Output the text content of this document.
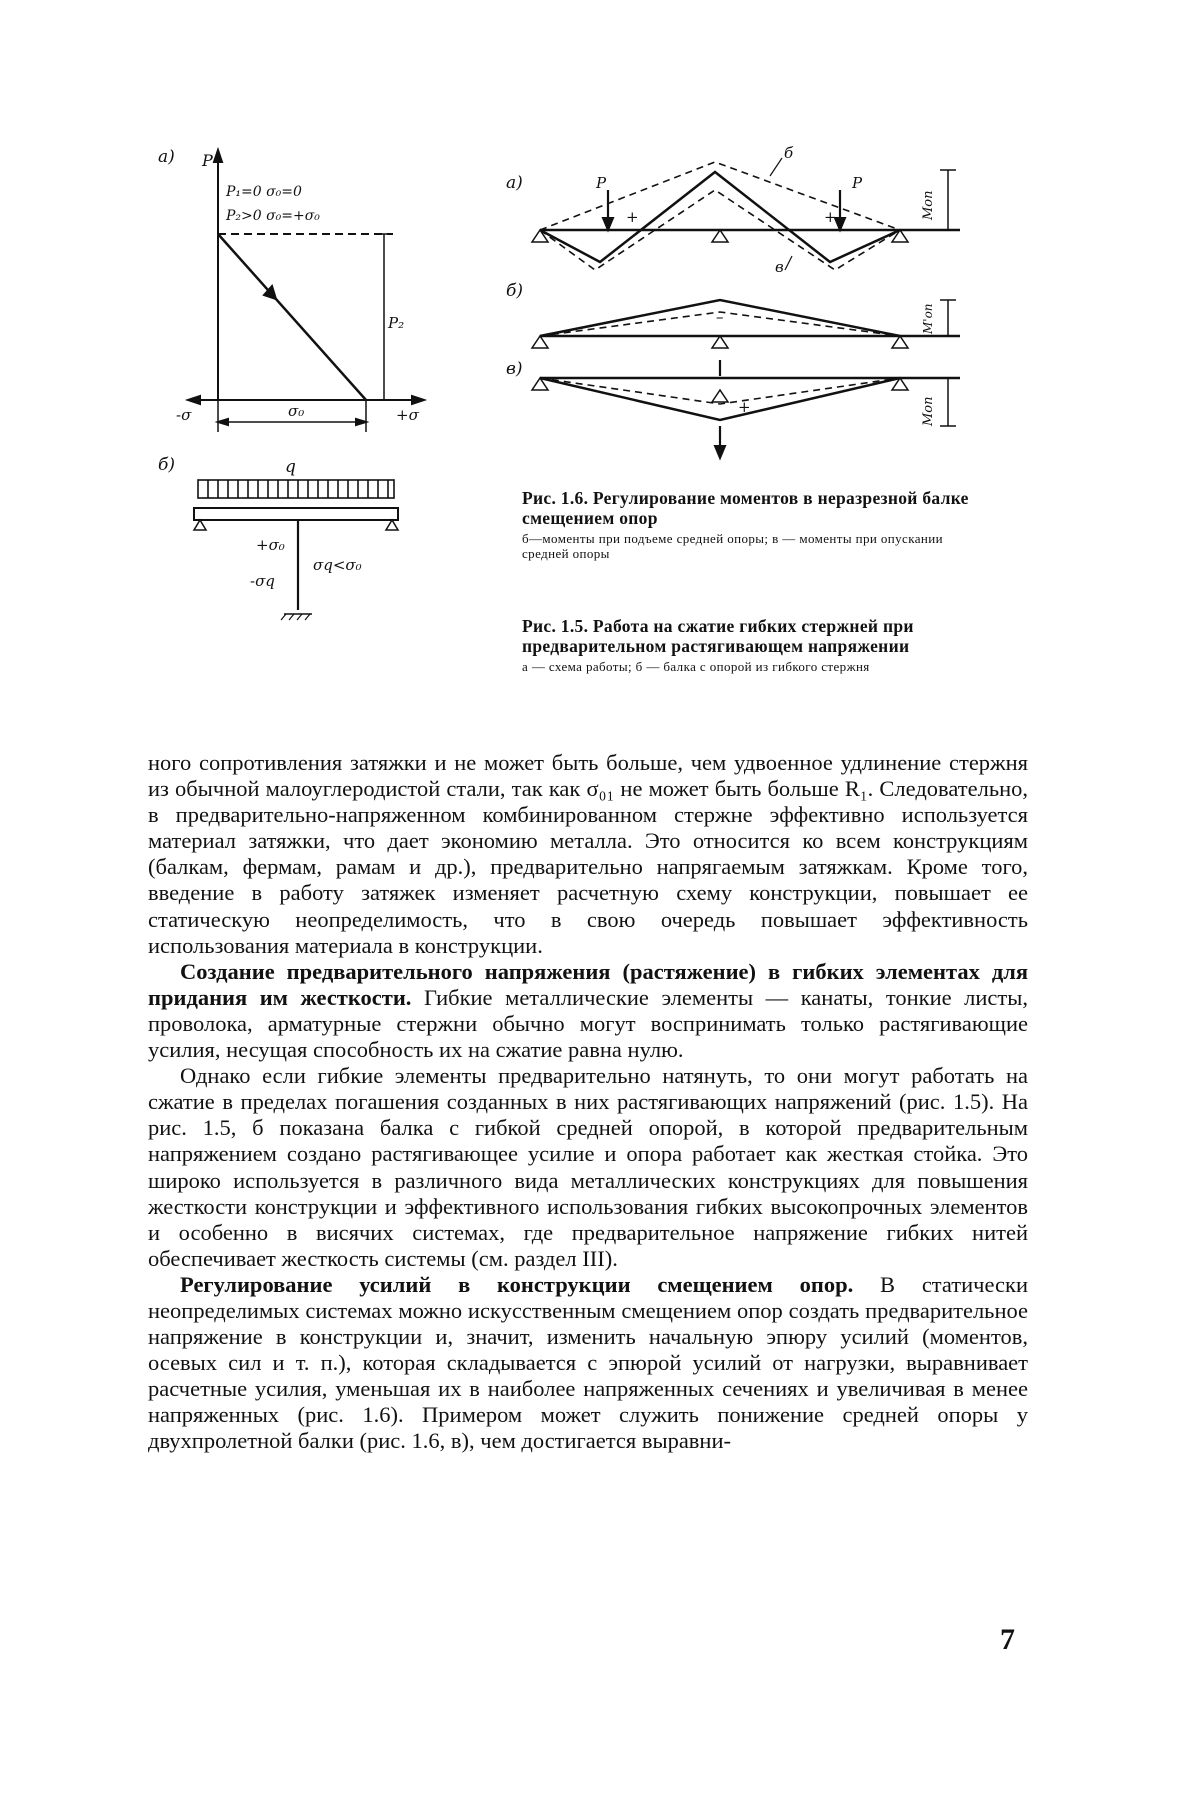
а) P
P₁=0 σ₀=0
P₂>0 σ₀=+σ₀
P₂
-σ	+σ
σ₀
б)	q
+σ₀
-σq
σq<σ₀
а)	P	P
+	+
б
в
Mоп
б)
–	M'оп
в)
+	Mоп
Рис. 1.6. Регулирование моментов в неразрезной балке смещением опор
б—моменты при подъеме средней опоры; в — моменты при опускании средней опоры
Рис. 1.5. Работа на сжатие гибких стержней при предварительном растягивающем напряжении
а — схема работы; б — балка с опорой из гибкого стержня

ного сопротивления затяжки и не может быть больше, чем удвоенное удлинение стержня из обычной малоуглеродистой стали, так как σ₀₁ не может быть больше R₁. Следовательно, в предварительно-напряженном комбинированном стержне эффективно используется материал затяжки, что дает экономию металла. Это относится ко всем конструкциям (балкам, фермам, рамам и др.), предварительно напрягаемым затяжкам. Кроме того, введение в работу затяжек изменяет расчетную схему конструкции, повышает ее статическую неопределимость, что в свою очередь повышает эффективность использования материала в конструкции.

Создание предварительного напряжения (растяжение) в гибких элементах для придания им жесткости. Гибкие металлические элементы — канаты, тонкие листы, проволока, арматурные стержни обычно могут воспринимать только растягивающие усилия, несущая способность их на сжатие равна нулю.

Однако если гибкие элементы предварительно натянуть, то они могут работать на сжатие в пределах погашения созданных в них растягивающих напряжений (рис. 1.5). На рис. 1.5, б показана балка с гибкой средней опорой, в которой предварительным напряжением создано растягивающее усилие и опора работает как жесткая стойка. Это широко используется в различного вида металлических конструкциях для повышения жесткости конструкции и эффективного использования гибких высокопрочных элементов и особенно в висячих системах, где предварительное напряжение гибких нитей обеспечивает жесткость системы (см. раздел III).

Регулирование усилий в конструкции смещением опор. В статически неопределимых системах можно искусственным смещением опор создать предварительное напряжение в конструкции и, значит, изменить начальную эпюру усилий (моментов, осевых сил и т. п.), которая складывается с эпюрой усилий от нагрузки, выравнивает расчетные усилия, уменьшая их в наиболее напряженных сечениях и увеличивая в менее напряженных (рис. 1.6). Примером может служить понижение средней опоры у двухпролетной балки (рис. 1.6, в), чем достигается выравни-

7
